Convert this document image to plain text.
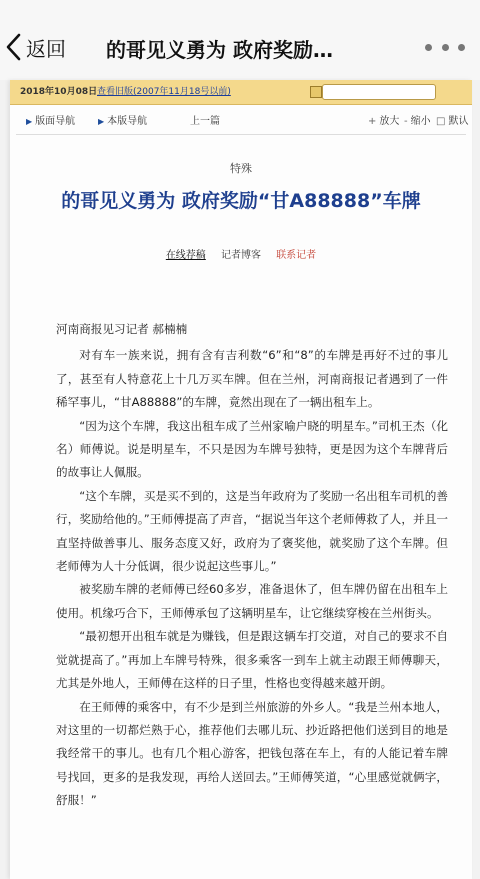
返回 的哥见义勇为 政府奖励…
2018年10月08日 查看旧版(2007年11月18号以前)
▶ 版面导航	▶ 本版导航	上一篇	+ 放大 - 缩小 □ 默认
特殊
的哥见义勇为 政府奖励“甘A88888”车牌
在线荐稿 记者博客 联系记者

河南商报见习记者 郝楠楠

对有车一族来说，拥有含有吉利数“6”和“8”的车牌是再好不过的事儿了，甚至有人特意花上十几万买车牌。但在兰州，河南商报记者遇到了一件稀罕事儿，“甘A88888”的车牌，竟然出现在了一辆出租车上。

“因为这个车牌，我这出租车成了兰州家喻户晓的明星车。”司机王杰（化名）师傅说。说是明星车，不只是因为车牌号独特，更是因为这个车牌背后的故事让人佩服。

“这个车牌，买是买不到的，这是当年政府为了奖励一名出租车司机的善行，奖励给他的。”王师傅提高了声音，“据说当年这个老师傅救了人，并且一直坚持做善事儿、服务态度又好，政府为了褒奖他，就奖励了这个车牌。但老师傅为人十分低调，很少说起这些事儿。”

被奖励车牌的老师傅已经60多岁，准备退休了，但车牌仍留在出租车上使用。机缘巧合下，王师傅承包了这辆明星车，让它继续穿梭在兰州街头。

“最初想开出租车就是为赚钱，但是跟这辆车打交道，对自己的要求不自觉就提高了。”再加上车牌号特殊，很多乘客一到车上就主动跟王师傅聊天，尤其是外地人，王师傅在这样的日子里，性格也变得越来越开朗。

在王师傅的乘客中，有不少是到兰州旅游的外乡人。“我是兰州本地人，对这里的一切都烂熟于心，推荐他们去哪儿玩、抄近路把他们送到目的地是我经常干的事儿。也有几个粗心游客，把钱包落在车上，有的人能记着车牌号找回，更多的是我发现，再给人送回去。”王师傅笑道，“心里感觉就俩字，舒服！”
